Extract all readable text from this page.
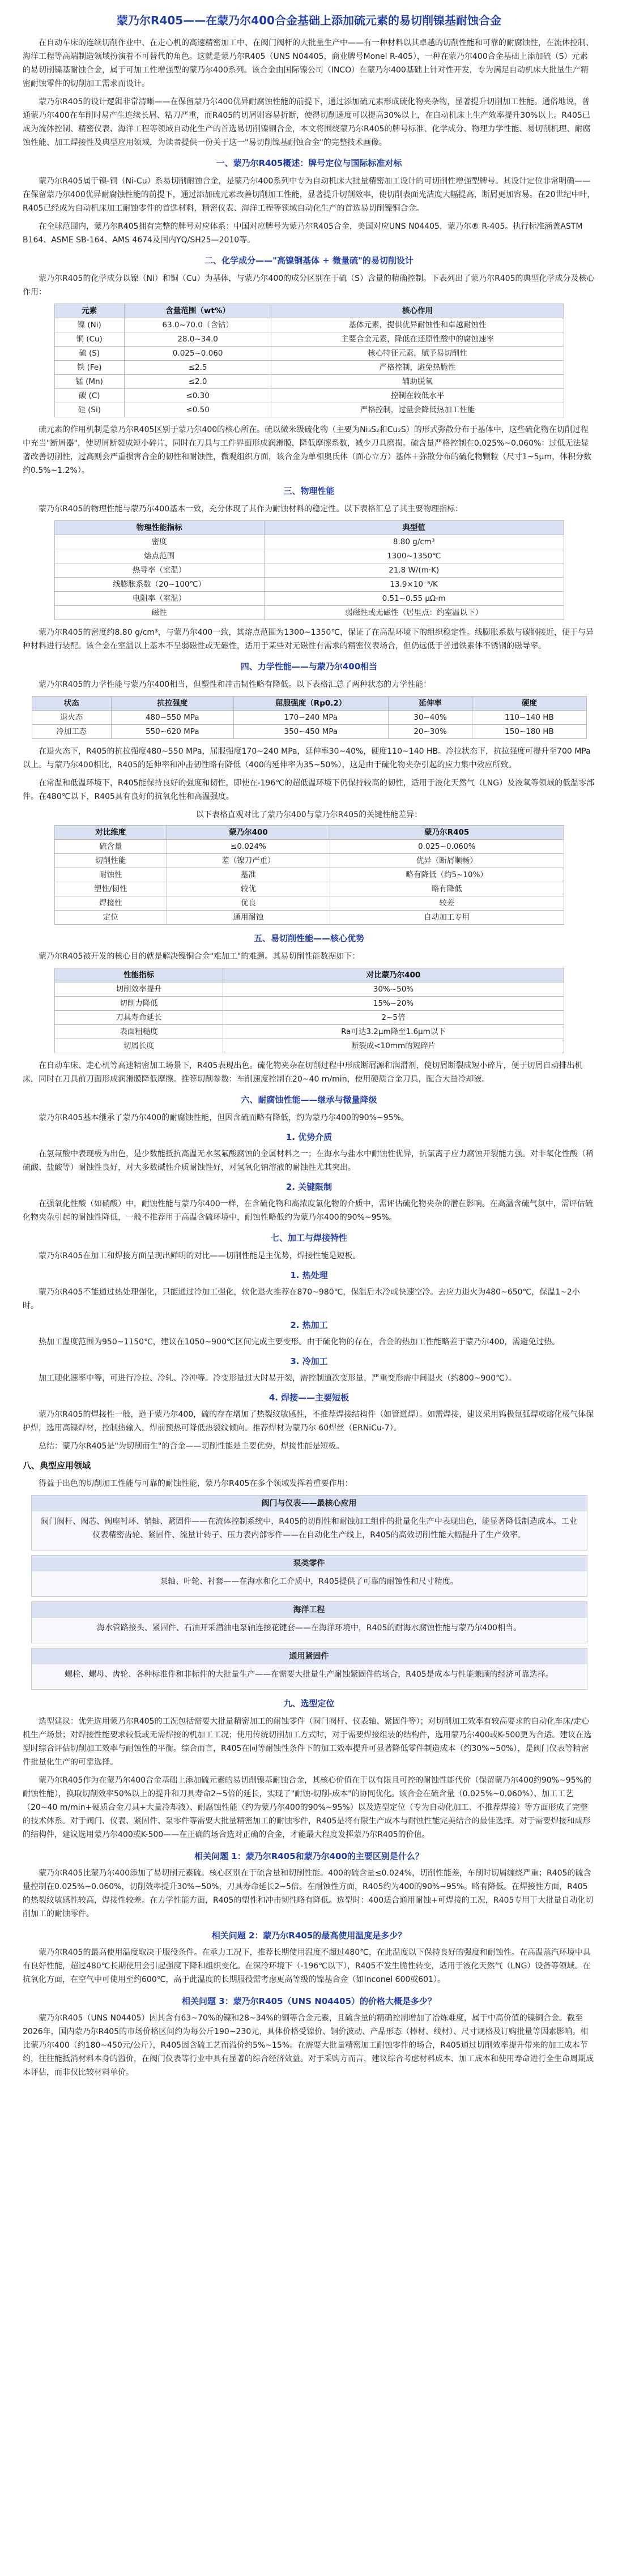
蒙乃尔R405——在蒙乃尔400合金基础上添加硫元素的易切削镍基耐蚀合金

在自动车床的连续切削作业中、在走心机的高速精密加工中、在阀门阀杆的大批量生产中——有一种材料以其卓越的切削性能和可靠的耐腐蚀性，在流体控制、海洋工程等高端制造领域扮演着不可替代的角色。这就是蒙乃尔R405（UNS N04405，商业牌号Monel R-405），一种在蒙乃尔400合金基础上添加硫（S）元素的易切削镍基耐蚀合金，属于可加工性增强型的蒙乃尔400系列。该合金由国际镍公司（INCO）在蒙乃尔400基础上针对性开发，专为满足自动机床大批量生产精密耐蚀零件的切削加工需求而设计。

蒙乃尔R405的设计逻辑非常清晰——在保留蒙乃尔400优异耐腐蚀性能的前提下，通过添加硫元素形成硫化物夹杂物，显著提升切削加工性能。通俗地说，普通蒙乃尔400在车削时易产生连续长屑、粘刀严重，而R405的切屑则容易折断，使得切削速度可以提高30%以上，在自动机床上生产效率提升30%以上。R405已成为流体控制、精密仪表、海洋工程等领域自动化生产的首选易切削镍铜合金，本文将围绕蒙乃尔R405的牌号标准、化学成分、物理力学性能、易切削机理、耐腐蚀性能、加工焊接性及典型应用领域，为读者提供一份关于这一"易切削镍基耐蚀合金"的完整技术画像。

一、蒙乃尔R405概述：牌号定位与国际标准对标

蒙乃尔R405属于镍-铜（Ni-Cu）系易切削耐蚀合金，是蒙乃尔400系列中专为自动机床大批量精密加工设计的可切削性增强型牌号。其设计定位非常明确——在保留蒙乃尔400优异耐腐蚀性能的前提下，通过添加硫元素改善切削加工性能，显著提升切削效率，使切削表面光洁度大幅提高，断屑更加容易。在20世纪中叶，R405已经成为自动机床加工耐蚀零件的首选材料，精密仪表、海洋工程等领域自动化生产的首选易切削镍铜合金。

在全球范围内，蒙乃尔R405拥有完整的牌号对应体系：中国对应牌号为蒙乃尔R405合金，美国对应UNS N04405，蒙乃尔® R-405。执行标准涵盖ASTM B164、ASME SB-164、AMS 4674及国内YQ/SH25—2010等。

二、化学成分——"高镍铜基体 + 微量硫"的易切削设计

蒙乃尔R405的化学成分以镍（Ni）和铜（Cu）为基体，与蒙乃尔400的成分区别在于硫（S）含量的精确控制。下表列出了蒙乃尔R405的典型化学成分及核心作用：

元素	含量范围（wt%）	核心作用
镍 (Ni)	63.0~70.0（含钴）	基体元素，提供优异耐蚀性和卓越耐蚀性
铜 (Cu)	28.0~34.0	主要合金元素，降低在还原性酸中的腐蚀速率
硫 (S)	0.025~0.060	核心特征元素，赋予易切削性
铁 (Fe)	≤2.5	严格控制，避免热脆性
锰 (Mn)	≤2.0	辅助脱氧
碳 (C)	≤0.30	控制在较低水平
硅 (Si)	≤0.50	严格控制，过量会降低热加工性能

硫元素的作用机制是蒙乃尔R405区别于蒙乃尔400的核心所在。硫以微米级硫化物（主要为Ni₃S₂和Cu₂S）的形式弥散分布于基体中，这些硫化物在切削过程中充当"断屑器"，使切屑断裂成短小碎片，同时在刀具与工件界面形成润滑膜，降低摩擦系数，减少刀具磨损。硫含量严格控制在0.025%~0.060%：过低无法显著改善切削性，过高则会严重损害合金的韧性和耐蚀性，微观组织方面，该合金为单相奥氏体（面心立方）基体＋弥散分布的硫化物颗粒（尺寸1~5μm，体积分数约0.5%~1.2%）。

三、物理性能

蒙乃尔R405的物理性能与蒙乃尔400基本一致，充分体现了其作为耐蚀材料的稳定性。以下表格汇总了其主要物理指标：

物理性能指标	典型值
密度	8.80 g/cm³
熔点范围	1300~1350℃
热导率（室温）	21.8 W/(m·K)
线膨胀系数（20~100℃）	13.9×10⁻⁶/K
电阻率（室温）	0.51~0.55 μΩ·m
磁性	弱磁性或无磁性（居里点：约室温以下）

蒙乃尔R405的密度约8.80 g/cm³，与蒙乃尔400一致，其熔点范围为1300~1350℃，保证了在高温环境下的组织稳定性。线膨胀系数与碳钢接近，便于与异种材料进行装配。该合金在室温以上基本不呈弱磁性或无磁性，适用于某些对无磁性有需求的精密仪表场合，但仍远低于普通铁素体不锈钢的磁导率。

四、力学性能——与蒙乃尔400相当

蒙乃尔R405的力学性能与蒙乃尔400相当，但塑性和冲击韧性略有降低。以下表格汇总了两种状态的力学性能：

状态	抗拉强度	屈服强度（Rp0.2）	延伸率	硬度
退火态	480~550 MPa	170~240 MPa	30~40%	110~140 HB
冷加工态	550~620 MPa	350~450 MPa	20~30%	150~180 HB

在退火态下，R405的抗拉强度480~550 MPa，屈服强度170~240 MPa，延伸率30~40%，硬度110~140 HB。冷拉状态下，抗拉强度可提升至700 MPa以上。与蒙乃尔400相比，R405的延伸率和冲击韧性略有降低（400的延伸率为35~50%），这是由于硫化物夹杂引起的应力集中效应所致。

在常温和低温环境下，R405能保持良好的强度和韧性，即使在-196℃的超低温环境下仍保持较高的韧性，适用于液化天然气（LNG）及液氧等领域的低温零部件。在480℃以下，R405具有良好的抗氧化性和高温强度。

以下表格直观对比了蒙乃尔400与蒙乃尔R405的关键性能差异：
对比维度	蒙乃尔400	蒙乃尔R405
硫含量	≤0.024%	0.025~0.060%
切削性能	差（镍刀严重）	优异（断屑顺畅）
耐蚀性	基准	略有降低（约5~10%）
塑性/韧性	较优	略有降低
焊接性	优良	较差
定位	通用耐蚀	自动加工专用
五、易切削性能——核心优势

蒙乃尔R405被开发的核心目的就是解决镍铜合金"难加工"的难题。其易切削性能数据如下：

性能指标	对比蒙乃尔400
切削效率提升	30%~50%
切削力降低	15%~20%
刀具寿命延长	2~5倍
表面粗糙度	Ra可达3.2μm降至1.6μm以下
切屑长度	断裂成<10mm的短碎片

在自动车床、走心机等高速精密加工场景下，R405表现出色。硫化物夹杂在切削过程中形成断屑源和润滑剂，使切屑断裂成短小碎片，便于切屑自动排出机床，同时在刀具前刀面形成润滑膜降低摩擦。推荐切削参数：车削速度控制在20~40 m/min，使用硬质合金刀具，配合大量冷却液。

六、耐腐蚀性能——继承与微量降级

蒙乃尔R405基本继承了蒙乃尔400的耐腐蚀性能，但因含硫而略有降低，约为蒙乃尔400的90%~95%。

1. 优势介质

在氢氟酸中表现极为出色，是少数能抵抗高温无水氢氟酸腐蚀的金属材料之一；在海水与盐水中耐蚀性优异，抗氯离子应力腐蚀开裂能力强。对非氧化性酸（稀硫酸、盐酸等）耐蚀性良好，对大多数碱性介质耐蚀性好，对氢氧化钠溶液的耐蚀性尤其突出。

2. 关键限制

在强氧化性酸（如硝酸）中，耐蚀性能与蒙乃尔400一样，在含硫化物和高浓度氯化物的介质中，需评估硫化物夹杂的潜在影响。在高温含硫气氛中，需评估硫化物夹杂引起的耐蚀性降低，一般不推荐用于高温含硫环境中，耐蚀性略低约为蒙乃尔400的90%~95%。

七、加工与焊接特性

蒙乃尔R405在加工和焊接方面呈现出鲜明的对比——切削性能是主优势，焊接性能是短板。

1. 热处理

蒙乃尔R405不能通过热处理强化，只能通过冷加工强化，软化退火推荐在870~980℃，保温后水冷或快速空冷。去应力退火为480~650℃，保温1~2小时。

2. 热加工

热加工温度范围为950~1150℃，建议在1050~900℃区间完成主要变形。由于硫化物的存在，合金的热加工性能略差于蒙乃尔400，需避免过热。

3. 冷加工

加工硬化速率中等，可进行冷拉、冷轧、冷冲等。冷变形量过大时易开裂，需控制道次变形量，严重变形需中间退火（约800~900℃）。

4. 焊接——主要短板

蒙乃尔R405的焊接性一般，逊于蒙乃尔400，硫的存在增加了热裂纹敏感性，不推荐焊接结构件（如管道焊）。如需焊接，建议采用钨极氩弧焊或熔化极气体保护焊，选用高镍焊材，控制热输入，焊前预热可降低热裂纹倾向。推荐焊材为蒙乃尔 60焊丝（ERNiCu-7）。

总结：蒙乃尔R405是"为切削而生"的合金——切削性能是主要优势，焊接性能是短板。

八、典型应用领域

得益于出色的切削加工性能与可靠的耐蚀性能，蒙乃尔R405在多个领域发挥着重要作用：

阀门与仪表——最核心应用

阀门阀杆、阀芯、阀座衬环、销轴、紧固件——在流体控制系统中，R405的切削性和耐蚀加工组件的批量化生产中表现出色，能显著降低制造成本。工业仪表精密齿轮、紧固件、流量计转子、压力表内部零件——在自动化生产线上，R405的高效切削性能大幅提升了生产效率。

泵类零件

泵轴、叶轮、衬套——在海水和化工介质中，R405提供了可靠的耐蚀性和尺寸精度。

海洋工程

海水管路接头、紧固件、石油开采潜油电泵轴连接花键套——在海洋环境中，R405的耐海水腐蚀性能与蒙乃尔400相当。

通用紧固件

螺栓、螺母、齿轮、各种标准件和非标件的大批量生产——在需要大批量生产耐蚀紧固件的场合，R405是成本与性能兼顾的经济可靠选择。

九、选型定位

选型建议：优先选用蒙乃尔R405的工况包括需要大批量精密加工的耐蚀零件（阀门阀杆、仪表轴、紧固件等）；对切削加工效率有较高要求的自动化车床/走心机生产场景；对焊接性能要求较低或无需焊接的机加工工况；使用传统切削加工方式时，对于需要焊接组装的结构件，选用蒙乃尔400或K-500更为合适。建议在选型时综合评估切削加工效率与耐蚀性的平衡。综合而言，R405在同等耐蚀性条件下的加工效率提升可显著降低零件制造成本（约30%~50%），是阀门仪表等精密件批量化生产的可靠选择。

蒙乃尔R405作为在蒙乃尔400合金基础上添加硫元素的易切削镍基耐蚀合金，其核心价值在于以有限且可控的耐蚀性能代价（保留蒙乃尔400约90%~95%的耐蚀性能），换取切削效率50%以上的提升和刀具寿命2~5倍的延长，实现了"耐蚀-切削-成本"的协同优化。该合金在硫含量（0.025%~0.060%）、加工工艺（20~40 m/min+硬质合金刀具+大量冷却液）、耐腐蚀性能（约为蒙乃尔400的90%~95%）以及选型定位（专为自动化加工、不推荐焊接）等方面形成了完整的技术体系。对于阀门、仪表、紧固件、泵零件等需要大批量精密加工的耐蚀零件，R405是将有限生产成本与耐蚀性能完美结合的最佳选择。对于需要焊接和成形的结构件，建议选用蒙乃尔400或K-500——在正确的场合选对正确的合金，才能最大程度发挥蒙乃尔R405的价值。

相关问题 1：蒙乃尔R405和蒙乃尔400的主要区别是什么？

蒙乃尔R405比蒙乃尔400添加了易切削元素硫。核心区别在于硫含量和切削性能。400的硫含量≤0.024%，切削性能差，车削时切屑缠绕严重；R405的硫含量控制在0.025%~0.060%，切削效率提升30%~50%，刀具寿命延长2~5倍。在耐蚀性方面，R405约为400的90%~95%。略有降低。在焊接性方面，R405的热裂纹敏感性较高，焊接性较差。在力学性能方面，R405的塑性和冲击韧性略有降低。选型时：400适合通用耐蚀+可焊接的工况，R405专用于大批量自动化切削加工的耐蚀零件。

相关问题 2：蒙乃尔R405的最高使用温度是多少？

蒙乃尔R405的最高使用温度取决于服役条件。在承力工况下，推荐长期使用温度不超过480℃，在此温度以下保持良好的强度和耐蚀性。在高温蒸汽环境中具有良好性能，超过480℃长期使用会引起强度下降和组织变化。在深冷环境下（-196℃以下），R405不发生脆性转变，适用于液化天然气（LNG）设备等领域。在抗氧化方面，在空气中可使用至约600℃，高于此温度的长期服役需考虑更高等级的镍基合金（如Inconel 600或601）。

相关问题 3：蒙乃尔R405（UNS N04405）的价格大概是多少？

蒙乃尔R405（UNS N04405）因其含有63~70%的镍和28~34%的铜等合金元素，且硫含量的精确控制增加了冶炼难度，属于中高价值的镍铜合金。截至2026年，国内蒙乃尔R405的市场价格区间约为每公斤190~230元，具体价格受镍价、铜价波动、产品形态（棒材、线材）、尺寸规格及订购批量等因素影响。相比蒙乃尔400（约180~450元/公斤），R405因含硫工艺而溢价约5%~15%。在需要大批量精密加工耐蚀零件的场合，R405通过切削效率提升带来的加工成本节约，往往能抵消材料本身的溢价，在阀门仪表等行业中具有显著的综合经济效益。对于采购方而言，建议综合考虑材料成本、加工成本和使用寿命进行全生命周期成本评估，而非仅比较材料单价。
